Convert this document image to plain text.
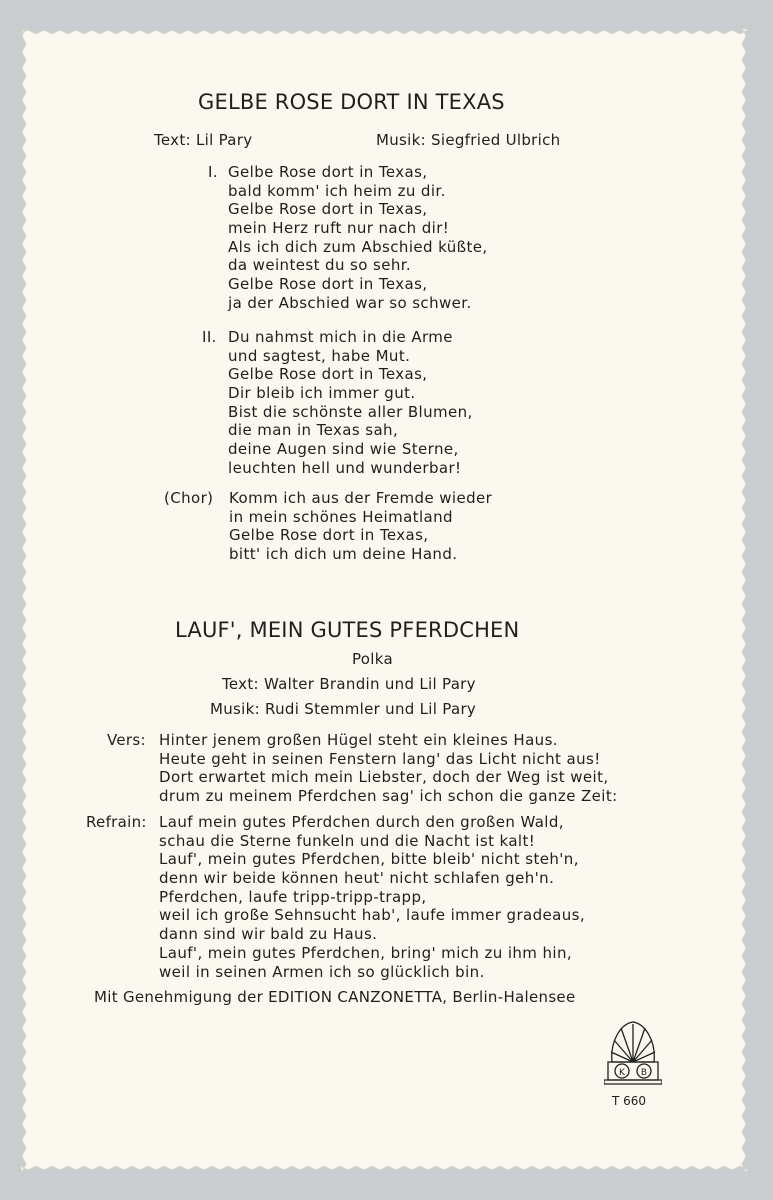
GELBE ROSE DORT IN TEXAS
Text: Lil Pary	Musik: Siegfried Ulbrich
I. Gelbe Rose dort in Texas,
bald komm' ich heim zu dir.
Gelbe Rose dort in Texas,
mein Herz ruft nur nach dir!
Als ich dich zum Abschied küßte,
da weintest du so sehr.
Gelbe Rose dort in Texas,
ja der Abschied war so schwer.
II. Du nahmst mich in die Arme
und sagtest, habe Mut.
Gelbe Rose dort in Texas,
Dir bleib ich immer gut.
Bist die schönste aller Blumen,
die man in Texas sah,
deine Augen sind wie Sterne,
leuchten hell und wunderbar!
(Chor) Komm ich aus der Fremde wieder
in mein schönes Heimatland
Gelbe Rose dort in Texas,
bitt' ich dich um deine Hand.
LAUF', MEIN GUTES PFERDCHEN
Polka
Text: Walter Brandin und Lil Pary
Musik: Rudi Stemmler und Lil Pary
Vers: Hinter jenem großen Hügel steht ein kleines Haus.
Heute geht in seinen Fenstern lang' das Licht nicht aus!
Dort erwartet mich mein Liebster, doch der Weg ist weit,
drum zu meinem Pferdchen sag' ich schon die ganze Zeit:
Refrain: Lauf mein gutes Pferdchen durch den großen Wald,
schau die Sterne funkeln und die Nacht ist kalt!
Lauf', mein gutes Pferdchen, bitte bleib' nicht steh'n,
denn wir beide können heut' nicht schlafen geh'n.
Pferdchen, laufe tripp-tripp-trapp,
weil ich große Sehnsucht hab', laufe immer gradeaus,
dann sind wir bald zu Haus.
Lauf', mein gutes Pferdchen, bring' mich zu ihm hin,
weil in seinen Armen ich so glücklich bin.
Mit Genehmigung der EDITION CANZONETTA, Berlin-Halensee
K B
T 660
